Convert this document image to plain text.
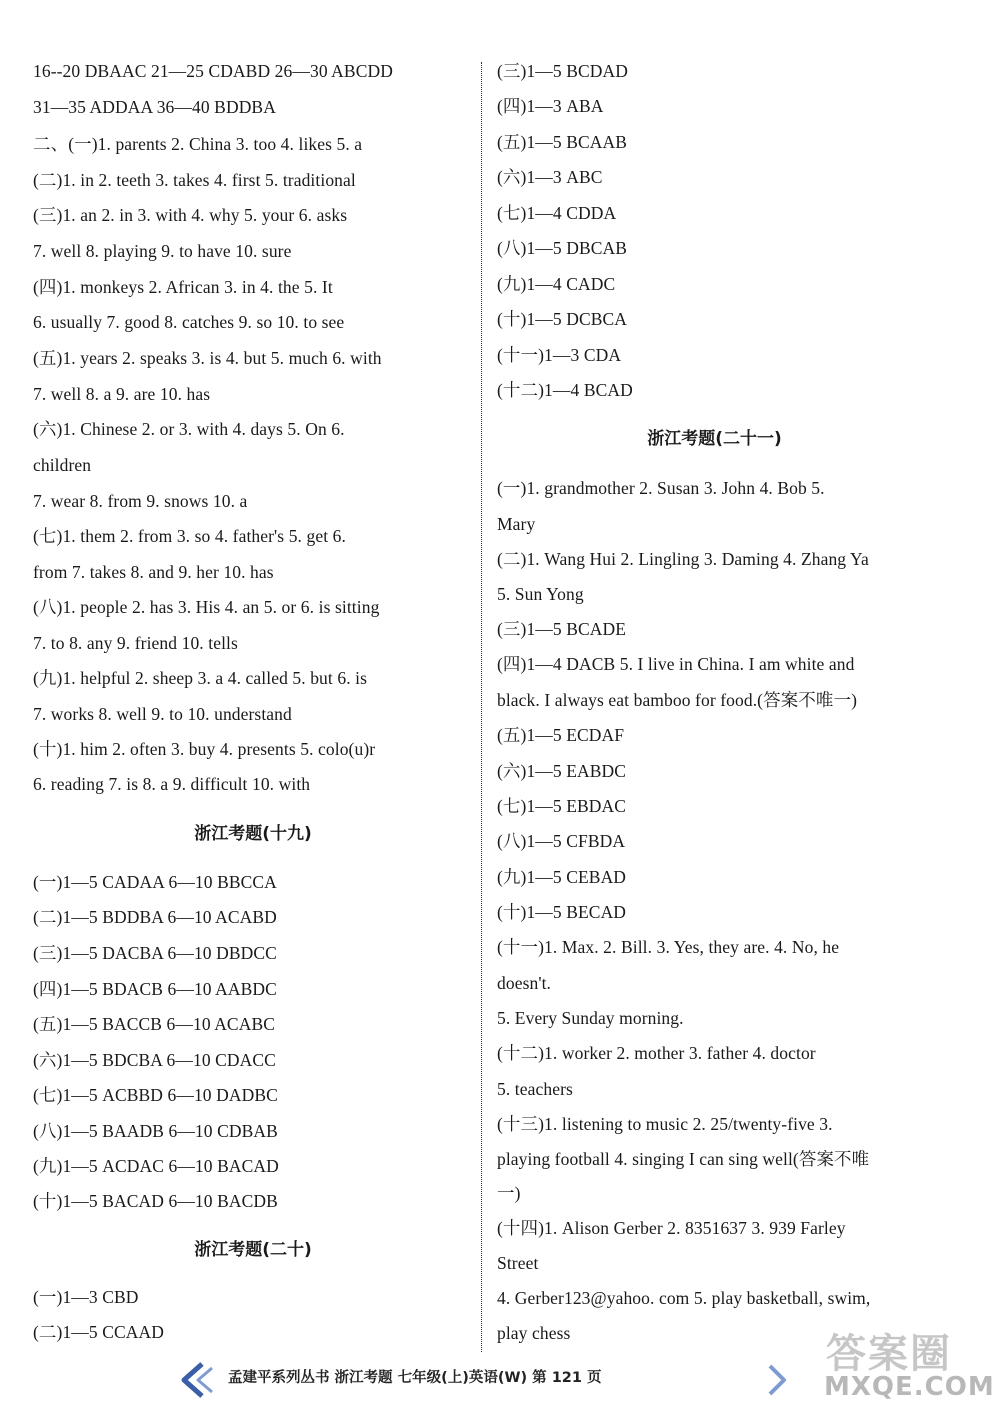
16--20 DBAAC 21—25 CDABD 26—30 ABCDD
31—35 ADDAA 36—40 BDDBA
二、(一)1. parents 2. China 3. too 4. likes 5. a
(二)1. in 2. teeth 3. takes 4. first 5. traditional
(三)1. an 2. in 3. with 4. why 5. your 6. asks
7. well 8. playing 9. to have 10. sure
(四)1. monkeys 2. African 3. in 4. the 5. It
6. usually 7. good 8. catches 9. so 10. to see
(五)1. years 2. speaks 3. is 4. but 5. much 6. with
7. well 8. a 9. are 10. has
(六)1. Chinese 2. or 3. with 4. days 5. On 6.
children
7. wear 8. from 9. snows 10. a
(七)1. them 2. from 3. so 4. father's 5. get 6.
from 7. takes 8. and 9. her 10. has
(八)1. people 2. has 3. His 4. an 5. or 6. is sitting
7. to 8. any 9. friend 10. tells
(九)1. helpful 2. sheep 3. a 4. called 5. but 6. is
7. works 8. well 9. to 10. understand
(十)1. him 2. often 3. buy 4. presents 5. colo(u)r
6. reading 7. is 8. a 9. difficult 10. with
浙江考题(十九)
(一)1—5 CADAA 6—10 BBCCA
(二)1—5 BDDBA 6—10 ACABD
(三)1—5 DACBA 6—10 DBDCC
(四)1—5 BDACB 6—10 AABDC
(五)1—5 BACCB 6—10 ACABC
(六)1—5 BDCBA 6—10 CDACC
(七)1—5 ACBBD 6—10 DADBC
(八)1—5 BAADB 6—10 CDBAB
(九)1—5 ACDAC 6—10 BACAD
(十)1—5 BACAD 6—10 BACDB
浙江考题(二十)
(一)1—3 CBD
(二)1—5 CCAAD
(三)1—5 BCDAD
(四)1—3 ABA
(五)1—5 BCAAB
(六)1—3 ABC
(七)1—4 CDDA
(八)1—5 DBCAB
(九)1—4 CADC
(十)1—5 DCBCA
(十一)1—3 CDA
(十二)1—4 BCAD
浙江考题(二十一)
(一)1. grandmother 2. Susan 3. John 4. Bob 5.
Mary
(二)1. Wang Hui 2. Lingling 3. Daming 4. Zhang Ya
5. Sun Yong
(三)1—5 BCADE
(四)1—4 DACB 5. I live in China. I am white and
black. I always eat bamboo for food.(答案不唯一)
(五)1—5 ECDAF
(六)1—5 EABDC
(七)1—5 EBDAC
(八)1—5 CFBDA
(九)1—5 CEBAD
(十)1—5 BECAD
(十一)1. Max. 2. Bill. 3. Yes, they are. 4. No, he
doesn't.
5. Every Sunday morning.
(十二)1. worker 2. mother 3. father 4. doctor
5. teachers
(十三)1. listening to music 2. 25/twenty-five 3.
playing football 4. singing I can sing well(答案不唯
一)
(十四)1. Alison Gerber 2. 8351637 3. 939 Farley
Street
4. Gerber123@yahoo. com 5. play basketball, swim,
play chess
孟建平系列丛书 浙江考题 七年级(上)英语(W) 第 121 页
答案圈
MXQE.COM
